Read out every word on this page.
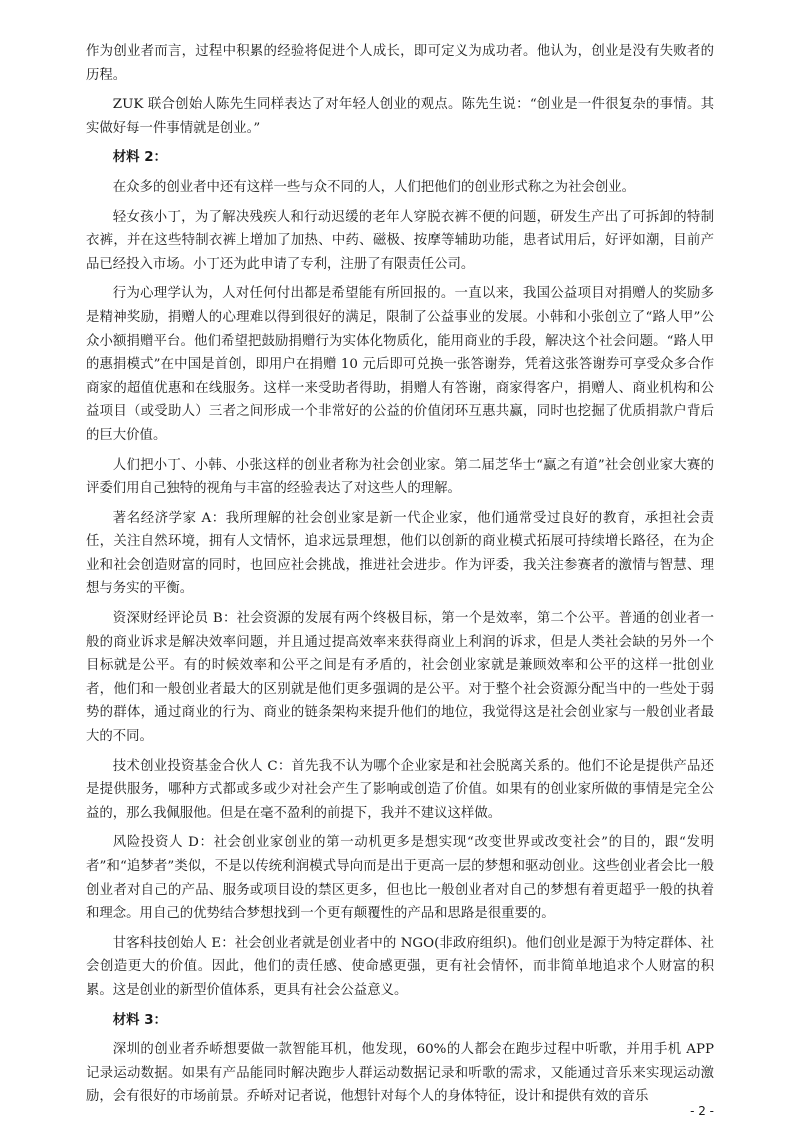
作为创业者而言，过程中积累的经验将促进个人成长，即可定义为成功者。他认为，创业是没有失败者的历程。

ZUK 联合创始人陈先生同样表达了对年轻人创业的观点。陈先生说：“创业是一件很复杂的事情。其实做好每一件事情就是创业。”

材料 2：

在众多的创业者中还有这样一些与众不同的人，人们把他们的创业形式称之为社会创业。

轻女孩小丁，为了解决残疾人和行动迟缓的老年人穿脱衣裤不便的问题，研发生产出了可拆卸的特制衣裤，并在这些特制衣裤上增加了加热、中药、磁极、按摩等辅助功能，患者试用后，好评如潮，目前产品已经投入市场。小丁还为此申请了专利，注册了有限责任公司。

行为心理学认为，人对任何付出都是希望能有所回报的。一直以来，我国公益项目对捐赠人的奖励多是精神奖励，捐赠人的心理难以得到很好的满足，限制了公益事业的发展。小韩和小张创立了“路人甲”公众小额捐赠平台。他们希望把鼓励捐赠行为实体化物质化，能用商业的手段，解决这个社会问题。“路人甲的惠捐模式”在中国是首创，即用户在捐赠 10 元后即可兑换一张答谢券，凭着这张答谢券可享受众多合作商家的超值优惠和在线服务。这样一来受助者得助，捐赠人有答谢，商家得客户，捐赠人、商业机构和公益项目（或受助人）三者之间形成一个非常好的公益的价值闭环互惠共赢，同时也挖掘了优质捐款户背后的巨大价值。

人们把小丁、小韩、小张这样的创业者称为社会创业家。第二届芝华士“赢之有道”社会创业家大赛的评委们用自己独特的视角与丰富的经验表达了对这些人的理解。

著名经济学家 A：我所理解的社会创业家是新一代企业家，他们通常受过良好的教育，承担社会责任，关注自然环境，拥有人文情怀，追求远景理想，他们以创新的商业模式拓展可持续增长路径，在为企业和社会创造财富的同时，也回应社会挑战，推进社会进步。作为评委，我关注参赛者的激情与智慧、理想与务实的平衡。

资深财经评论员 B：社会资源的发展有两个终极目标，第一个是效率，第二个公平。普通的创业者一般的商业诉求是解决效率问题，并且通过提高效率来获得商业上利润的诉求，但是人类社会缺的另外一个目标就是公平。有的时候效率和公平之间是有矛盾的，社会创业家就是兼顾效率和公平的这样一批创业者，他们和一般创业者最大的区别就是他们更多强调的是公平。对于整个社会资源分配当中的一些处于弱势的群体，通过商业的行为、商业的链条架构来提升他们的地位，我觉得这是社会创业家与一般创业者最大的不同。

技术创业投资基金合伙人 C：首先我不认为哪个企业家是和社会脱离关系的。他们不论是提供产品还是提供服务，哪种方式都或多或少对社会产生了影响或创造了价值。如果有的创业家所做的事情是完全公益的，那么我佩服他。但是在毫不盈利的前提下，我并不建议这样做。

风险投资人 D：社会创业家创业的第一动机更多是想实现“改变世界或改变社会”的目的，跟“发明者”和“追梦者”类似，不是以传统利润模式导向而是出于更高一层的梦想和驱动创业。这些创业者会比一般创业者对自己的产品、服务或项目设的禁区更多，但也比一般创业者对自己的梦想有着更超乎一般的执着和理念。用自己的优势结合梦想找到一个更有颠覆性的产品和思路是很重要的。

甘客科技创始人 E：社会创业者就是创业者中的 NGO(非政府组织)。他们创业是源于为特定群体、社会创造更大的价值。因此，他们的责任感、使命感更强，更有社会情怀，而非简单地追求个人财富的积累。这是创业的新型价值体系，更具有社会公益意义。

材料 3：

深圳的创业者乔峤想要做一款智能耳机，他发现，60%的人都会在跑步过程中听歌，并用手机 APP 记录运动数据。如果有产品能同时解决跑步人群运动数据记录和听歌的需求，又能通过音乐来实现运动激励，会有很好的市场前景。乔峤对记者说，他想针对每个人的身体特征，设计和提供有效的音乐

- 2 -
